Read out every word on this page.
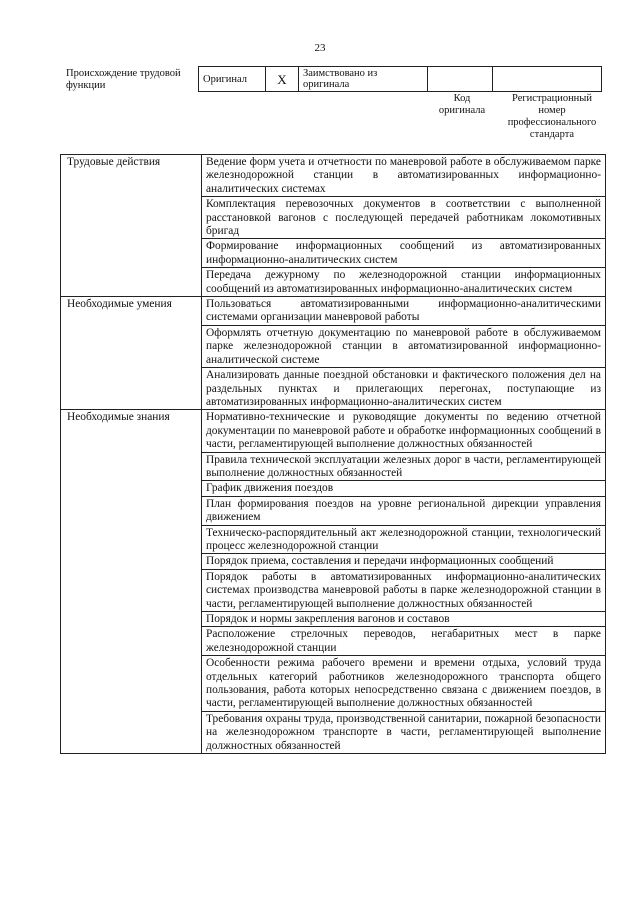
23
Происхождение трудовой функции
Оригинал	X	Заимствовано из оригинала		
Код оригинала
Регистрационный номер профессионального стандарта
Трудовые действия	Ведение форм учета и отчетности по маневровой работе в обслуживаемом парке железнодорожной станции в автоматизированных информационно-аналитических системах
	Комплектация перевозочных документов в соответствии с выполненной расстановкой вагонов с последующей передачей работникам локомотивных бригад
	Формирование информационных сообщений из автоматизированных информационно-аналитических систем
	Передача дежурному по железнодорожной станции информационных сообщений из автоматизированных информационно-аналитических систем
Необходимые умения	Пользоваться автоматизированными информационно-аналитическими системами организации маневровой работы
	Оформлять отчетную документацию по маневровой работе в обслуживаемом парке железнодорожной станции в автоматизированной информационно-аналитической системе
	Анализировать данные поездной обстановки и фактического положения дел на раздельных пунктах и прилегающих перегонах, поступающие из автоматизированных информационно-аналитических систем
Необходимые знания	Нормативно-технические и руководящие документы по ведению отчетной документации по маневровой работе и обработке информационных сообщений в части, регламентирующей выполнение должностных обязанностей
	Правила технической эксплуатации железных дорог в части, регламентирующей выполнение должностных обязанностей
	График движения поездов
	План формирования поездов на уровне региональной дирекции управления движением
	Техническо-распорядительный акт железнодорожной станции, технологический процесс железнодорожной станции
	Порядок приема, составления и передачи информационных сообщений
	Порядок работы в автоматизированных информационно-аналитических системах производства маневровой работы в парке железнодорожной станции в части, регламентирующей выполнение должностных обязанностей
	Порядок и нормы закрепления вагонов и составов
	Расположение стрелочных переводов, негабаритных мест в парке железнодорожной станции
	Особенности режима рабочего времени и времени отдыха, условий труда отдельных категорий работников железнодорожного транспорта общего пользования, работа которых непосредственно связана с движением поездов, в части, регламентирующей выполнение должностных обязанностей
	Требования охраны труда, производственной санитарии, пожарной безопасности на железнодорожном транспорте в части, регламентирующей выполнение должностных обязанностей
